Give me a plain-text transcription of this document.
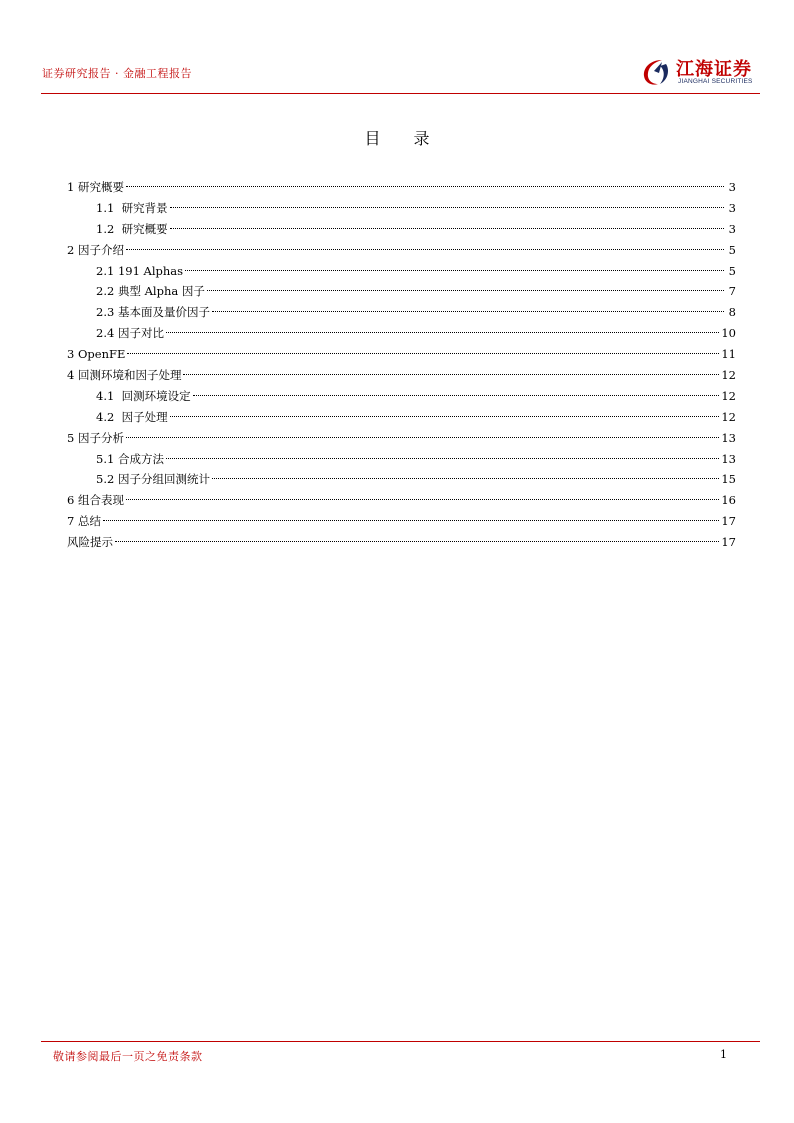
证券研究报告 · 金融工程报告	江海证券
JIANGHAI SECURITIES
目 录
1 研究概要	3
1.1  研究背景	3
1.2  研究概要	3
2 因子介绍	5
2.1 191 Alphas	5
2.2 典型 Alpha 因子	7
2.3 基本面及量价因子	8
2.4 因子对比	10
3 OpenFE	11
4 回测环境和因子处理	12
4.1  回测环境设定	12
4.2  因子处理	12
5 因子分析	13
5.1 合成方法	13
5.2 因子分组回测统计	15
6 组合表现	16
7 总结	17
风险提示	17
敬请参阅最后一页之免责条款	1
